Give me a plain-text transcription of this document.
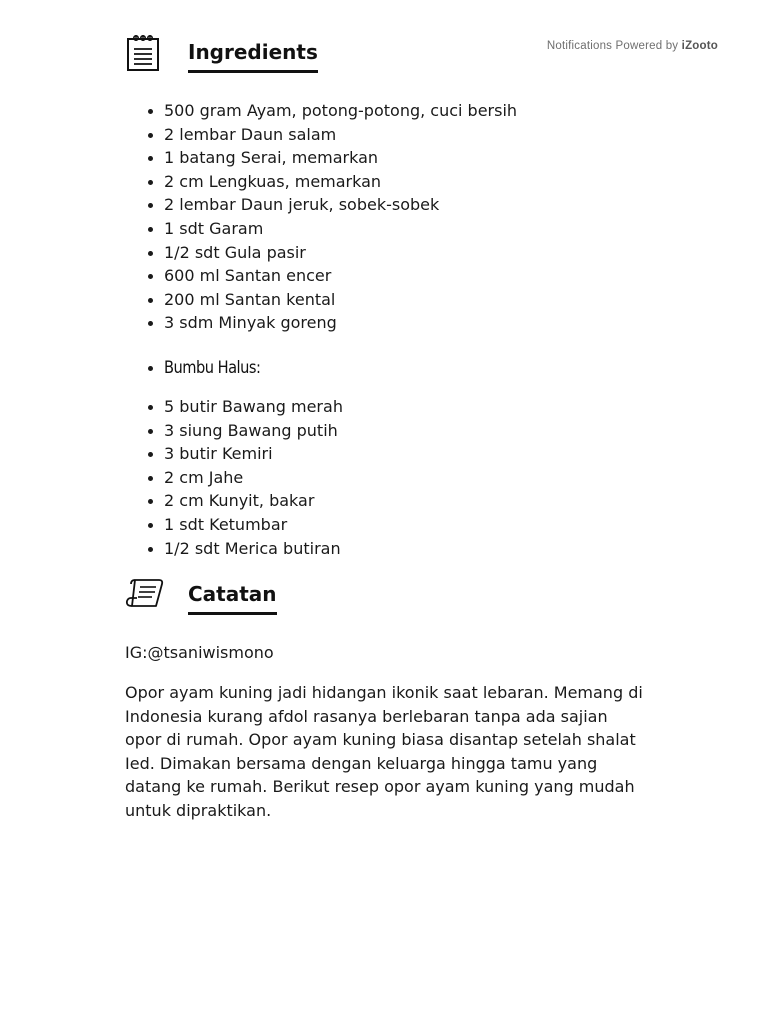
Notifications Powered by iZooto
Ingredients
• 500 gram Ayam, potong-potong, cuci bersih
• 2 lembar Daun salam
• 1 batang Serai, memarkan
• 2 cm Lengkuas, memarkan
• 2 lembar Daun jeruk, sobek-sobek
• 1 sdt Garam
• 1/2 sdt Gula pasir
• 600 ml Santan encer
• 200 ml Santan kental
• 3 sdm Minyak goreng
• Bumbu Halus:
• 5 butir Bawang merah
• 3 siung Bawang putih
• 3 butir Kemiri
• 2 cm Jahe
• 2 cm Kunyit, bakar
• 1 sdt Ketumbar
• 1/2 sdt Merica butiran
Catatan

IG:@tsaniwismono

Opor ayam kuning jadi hidangan ikonik saat lebaran. Memang di Indonesia kurang afdol rasanya berlebaran tanpa ada sajian opor di rumah. Opor ayam kuning biasa disantap setelah shalat Ied. Dimakan bersama dengan keluarga hingga tamu yang datang ke rumah. Berikut resep opor ayam kuning yang mudah untuk dipraktikan.
